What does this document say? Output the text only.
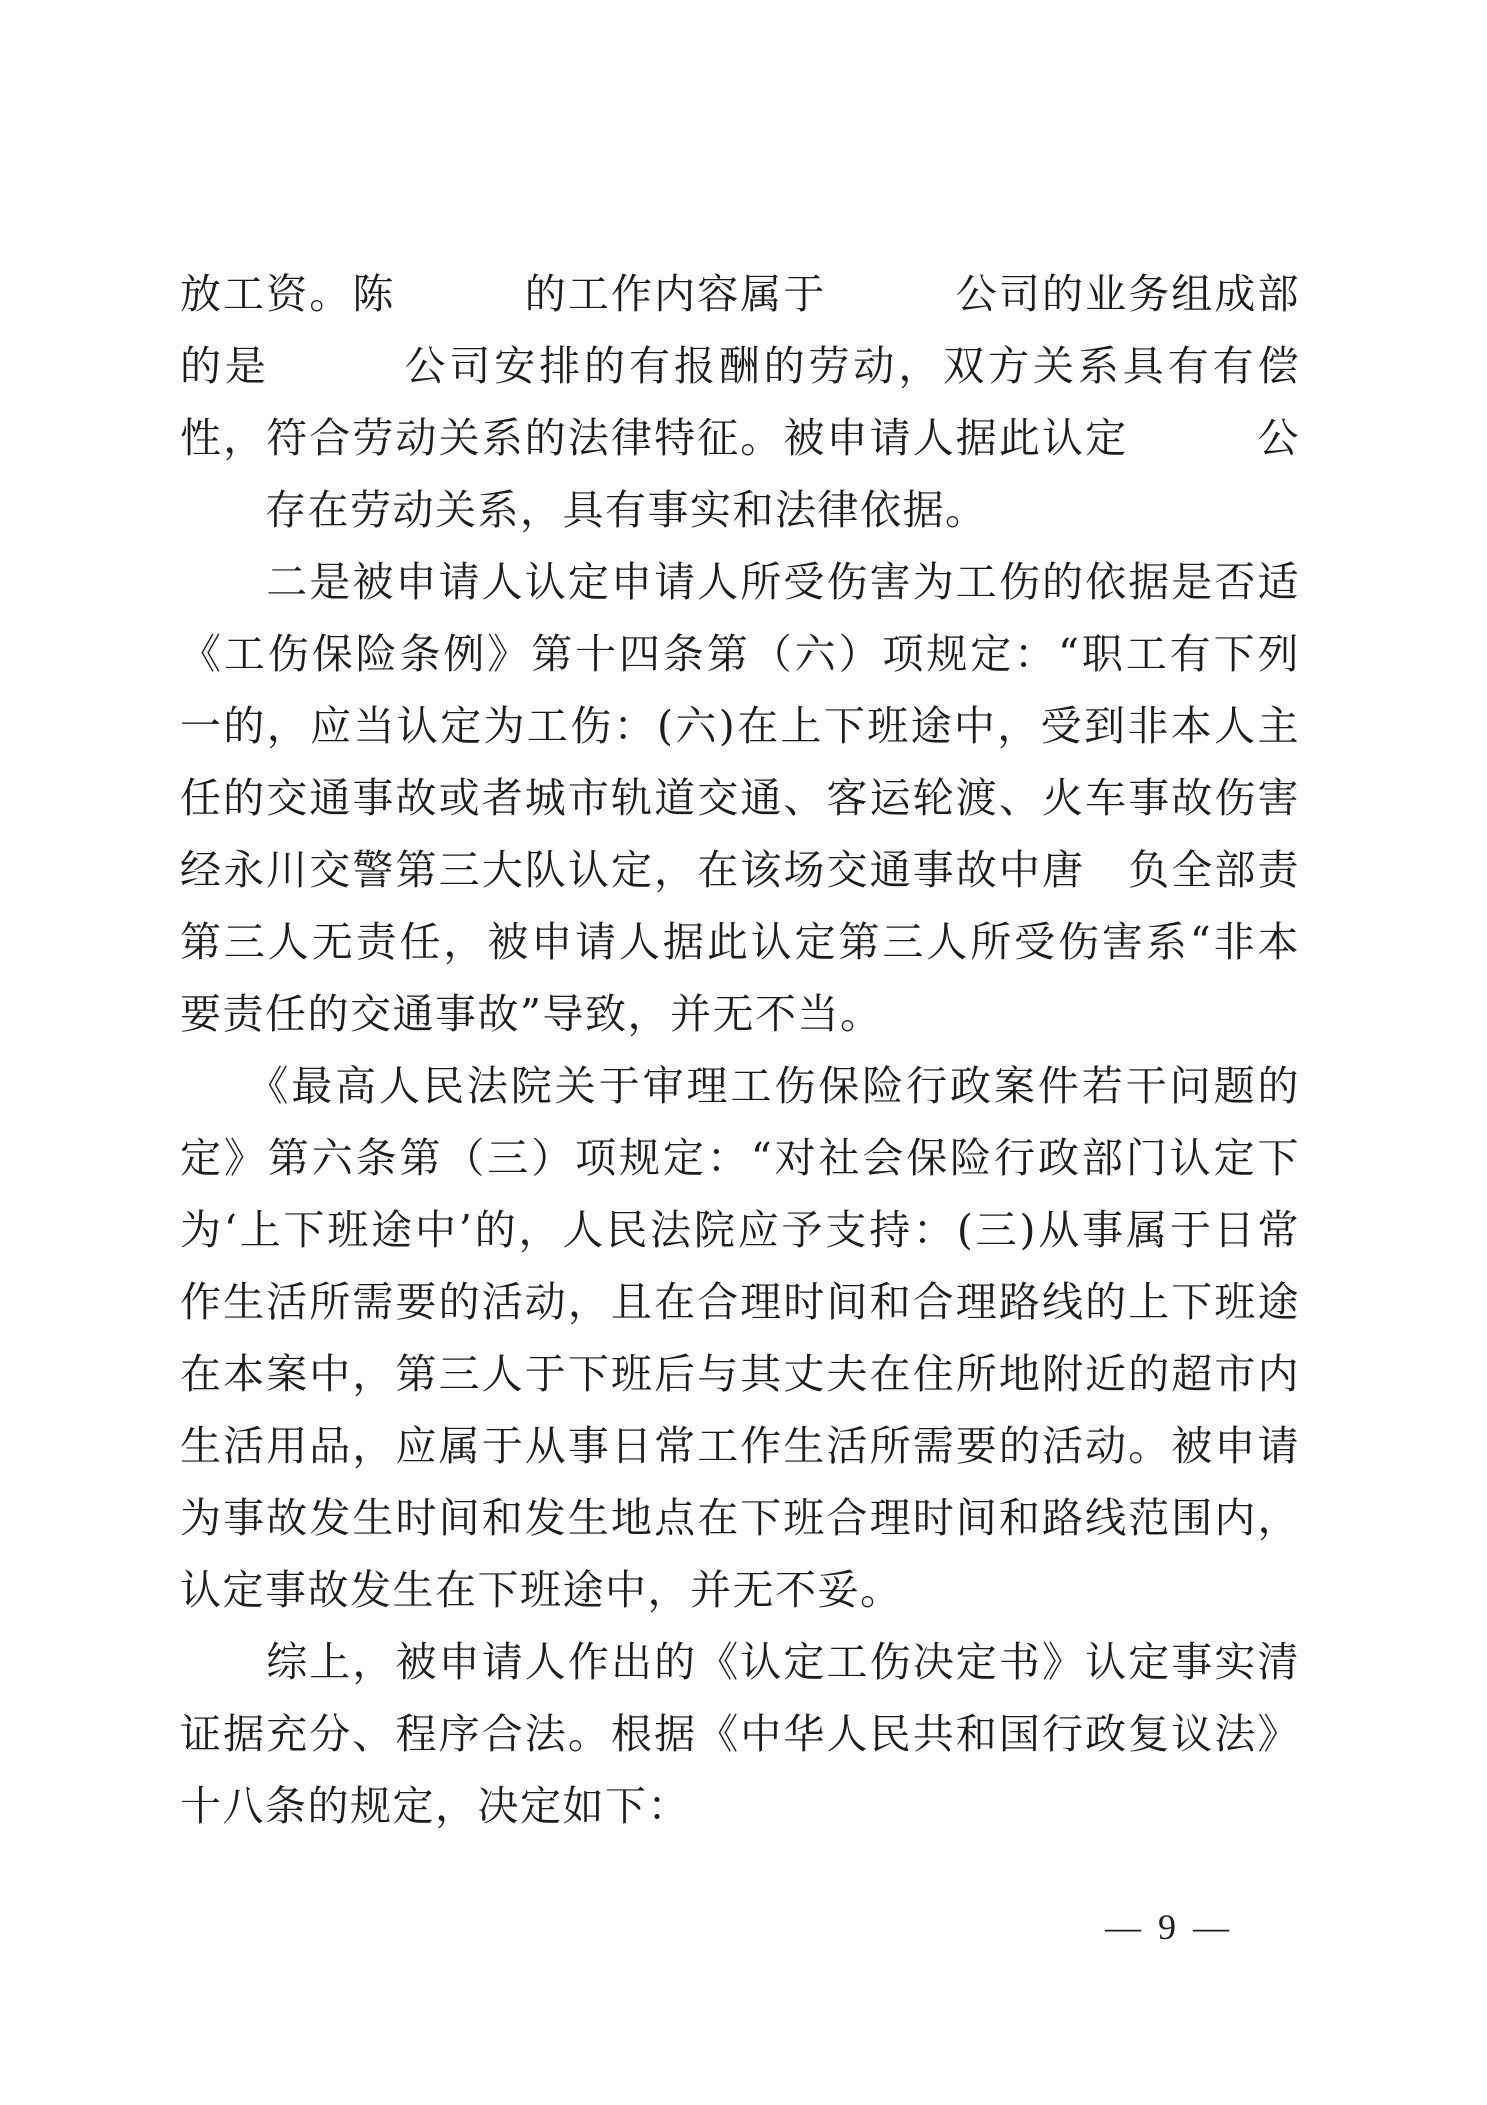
放工资。陈　　　的工作内容属于　　　公司的业务组成部
的是　　　公司安排的有报酬的劳动，双方关系具有有偿
性，符合劳动关系的法律特征。被申请人据此认定　　　公
　　存在劳动关系，具有事实和法律依据。
　　二是被申请人认定申请人所受伤害为工伤的依据是否适
《工伤保险条例》第十四条第（六）项规定：“职工有下列
一的，应当认定为工伤：(六)在上下班途中，受到非本人主
任的交通事故或者城市轨道交通、客运轮渡、火车事故伤害
经永川交警第三大队认定，在该场交通事故中唐　负全部责
第三人无责任，被申请人据此认定第三人所受伤害系“非本
要责任的交通事故”导致，并无不当。
　　《最高人民法院关于审理工伤保险行政案件若干问题的
定》第六条第（三）项规定：“对社会保险行政部门认定下
为‘上下班途中’的，人民法院应予支持：(三)从事属于日常
作生活所需要的活动，且在合理时间和合理路线的上下班途
在本案中，第三人于下班后与其丈夫在住所地附近的超市内
生活用品，应属于从事日常工作生活所需要的活动。被申请
为事故发生时间和发生地点在下班合理时间和路线范围内，
认定事故发生在下班途中，并无不妥。
　　综上，被申请人作出的《认定工伤决定书》认定事实清
证据充分、程序合法。根据《中华人民共和国行政复议法》
十八条的规定，决定如下：
— 9 —
